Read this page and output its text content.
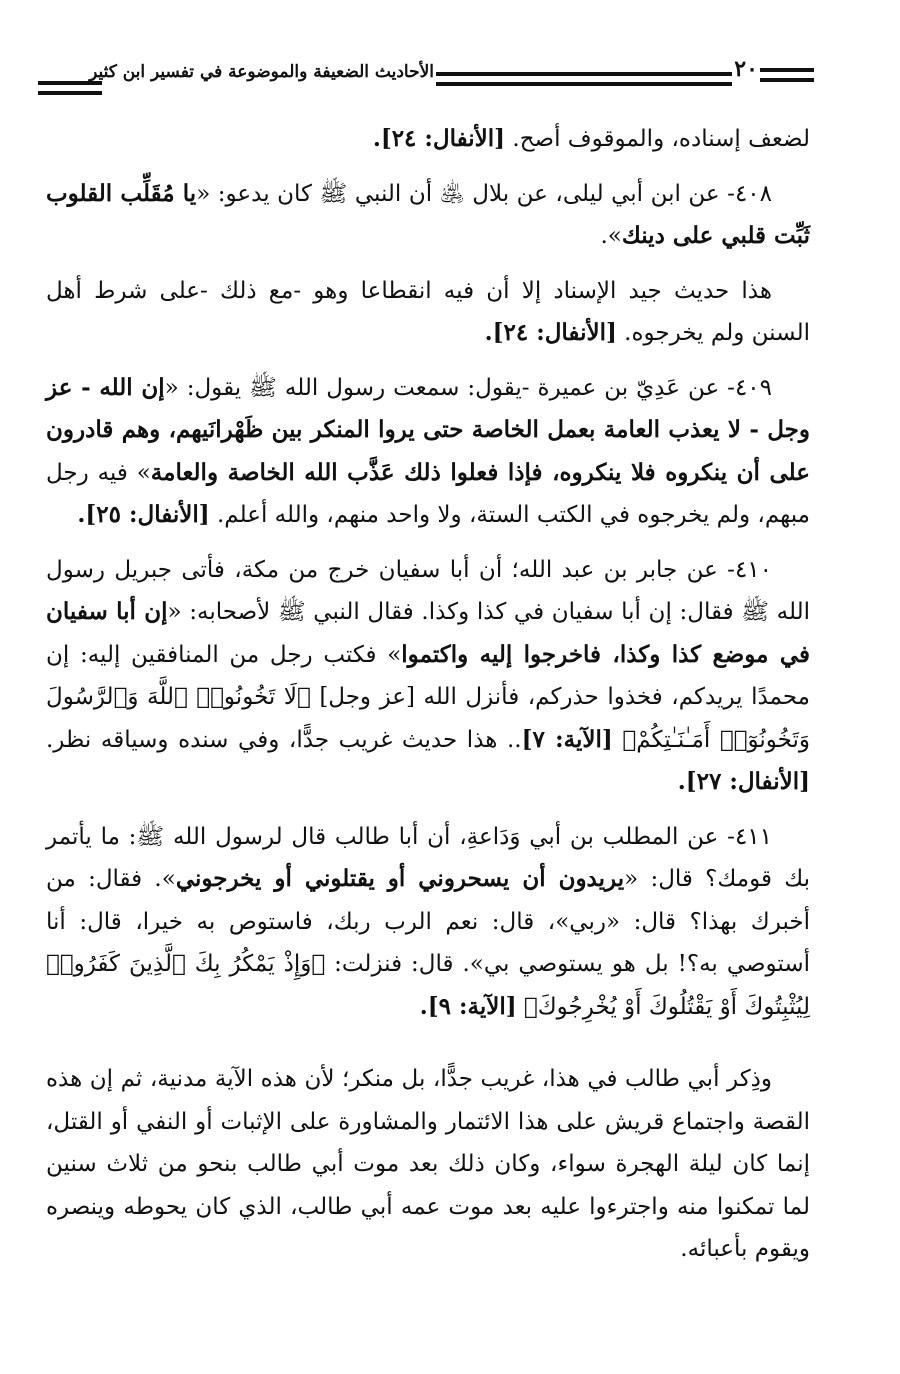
الأحاديث الضعيفة والموضوعة في تفسير ابن كثير	٢٠٠

لضعف إسناده، والموقوف أصح. [الأنفال: ٢٤].

٤٠٨- عن ابن أبي ليلى، عن بلال ﵁ أن النبي ﷺ كان يدعو: «يا مُقَلِّب القلوب ثَبِّت قلبي على دينك».

هذا حديث جيد الإسناد إلا أن فيه انقطاعا وهو -مع ذلك -على شرط أهل السنن ولم يخرجوه. [الأنفال: ٢٤].

٤٠٩- عن عَدِيّ بن عميرة -يقول: سمعت رسول الله ﷺ يقول: «إن الله - عز وجل - لا يعذب العامة بعمل الخاصة حتى يروا المنكر بين ظَهْرانَيهم، وهم قادرون على أن ينكروه فلا ينكروه، فإذا فعلوا ذلك عَذَّب الله الخاصة والعامة» فيه رجل مبهم، ولم يخرجوه في الكتب الستة، ولا واحد منهم، والله أعلم. [الأنفال: ٢٥].

٤١٠- عن جابر بن عبد الله؛ أن أبا سفيان خرج من مكة، فأتى جبريل رسول الله ﷺ فقال: إن أبا سفيان في كذا وكذا. فقال النبي ﷺ لأصحابه: «إن أبا سفيان في موضع كذا وكذا، فاخرجوا إليه واكتموا» فكتب رجل من المنافقين إليه: إن محمدًا يريدكم، فخذوا حذركم، فأنزل الله [عز وجل] ﴿لَا تَخُونُوا۟ ٱللَّهَ وَٱلرَّسُولَ وَتَخُونُوٓا۟ أَمَـٰنَـٰتِكُمْ﴾ [الآية: ٧].. هذا حديث غريب جدًّا، وفي سنده وسياقه نظر. [الأنفال: ٢٧].

٤١١- عن المطلب بن أبي وَدَاعةِ، أن أبا طالب قال لرسول الله ﷺ: ما يأتمر بك قومك؟ قال: «يريدون أن يسحروني أو يقتلوني أو يخرجوني». فقال: من أخبرك بهذا؟ قال: «ربي»، قال: نعم الرب ربك، فاستوص به خيرا، قال: أنا أستوصي به؟! بل هو يستوصي بي». قال: فنزلت: ﴿وَإِذْ يَمْكُرُ بِكَ ٱلَّذِينَ كَفَرُوا۟ لِيُثْبِتُوكَ أَوْ يَقْتُلُوكَ أَوْ يُخْرِجُوكَ﴾ [الآية: ٩].

وذِكر أبي طالب في هذا، غريب جدًّا، بل منكر؛ لأن هذه الآية مدنية، ثم إن هذه القصة واجتماع قريش على هذا الائتمار والمشاورة على الإثبات أو النفي أو القتل، إنما كان ليلة الهجرة سواء، وكان ذلك بعد موت أبي طالب بنحو من ثلاث سنين لما تمكنوا منه واجترءوا عليه بعد موت عمه أبي طالب، الذي كان يحوطه وينصره ويقوم بأعبائه.
